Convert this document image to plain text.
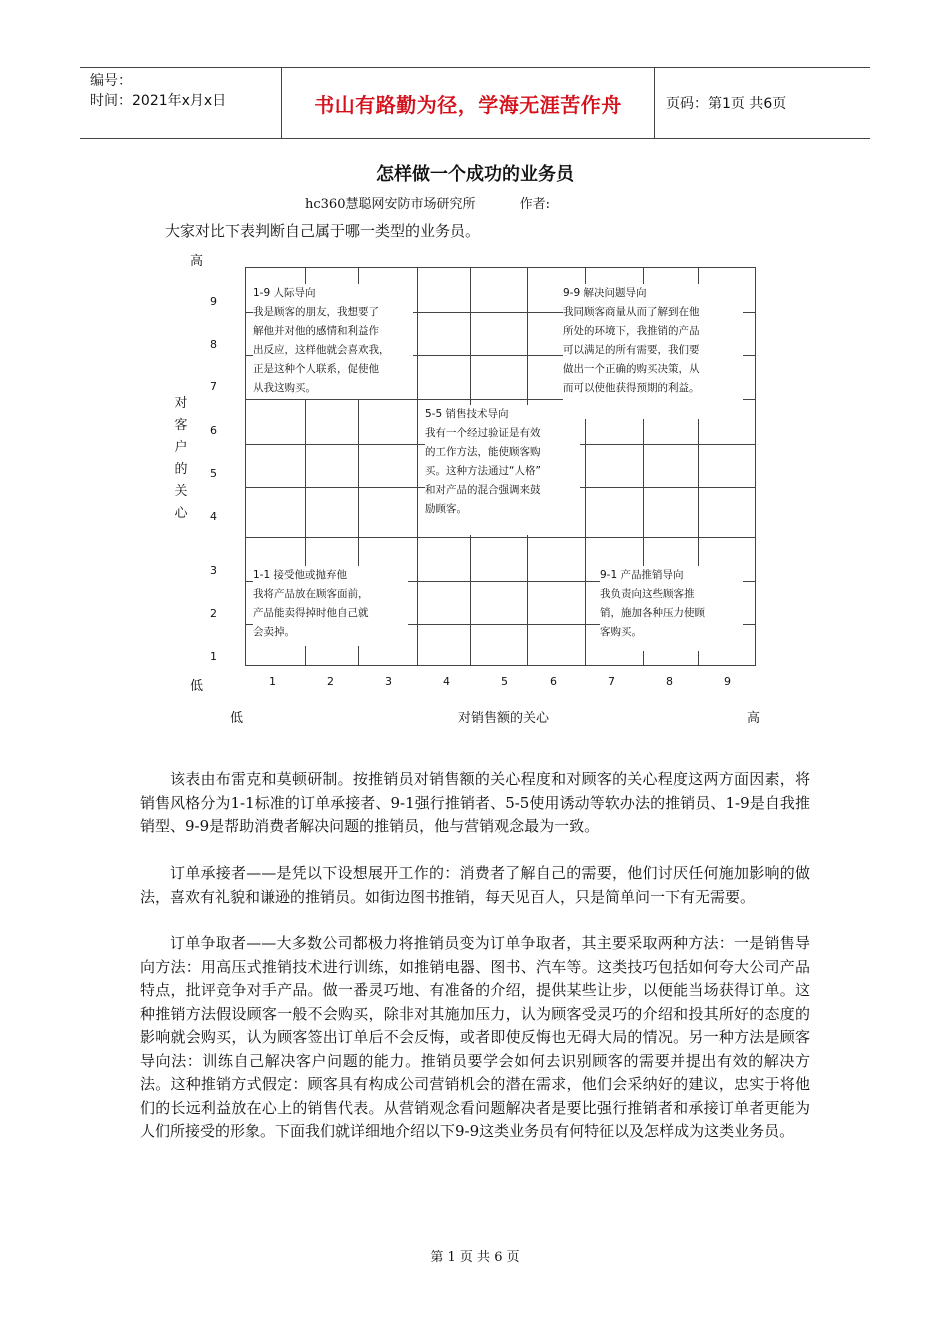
编号：
时间：2021年x月x日	书山有路勤为径，学海无涯苦作舟	页码：第1页 共6页
怎样做一个成功的业务员
hc360慧聪网安防市场研究所	作者:
大家对比下表判断自己属于哪一类型的业务员。
高
低
对
客
户
的
关
心
9
8
7
6
5
4
3
2
1
1-9 人际导向
我是顾客的朋友，我想要了
解他并对他的感情和利益作
出反应，这样他就会喜欢我，
正是这种个人联系，促使他
从我这购买。
9-9 解决问题导向
我同顾客商量从而了解到在他
所处的环境下，我推销的产品
可以满足的所有需要，我们要
做出一个正确的购买决策，从
而可以使他获得预期的利益。
5-5 销售技术导向
我有一个经过验证是有效
的工作方法，能使顾客购
买。这种方法通过“人格”
和对产品的混合强调来鼓
励顾客。
1-1 接受他或抛弃他
我将产品放在顾客面前，
产品能卖得掉时他自己就
会卖掉。
9-1 产品推销导向
我负责向这些顾客推
销，施加各种压力使顾
客购买。
1	2	3	4	5	6	7	8	9
低	对销售额的关心	高
该表由布雷克和莫顿研制。按推销员对销售额的关心程度和对顾客的关心程度这两方面因素，将销售风格分为1-1标准的订单承接者、9-1强行推销者、5-5使用诱动等软办法的推销员、1-9是自我推销型、9-9是帮助消费者解决问题的推销员，他与营销观念最为一致。
订单承接者——是凭以下设想展开工作的：消费者了解自己的需要，他们讨厌任何施加影响的做法，喜欢有礼貌和谦逊的推销员。如街边图书推销，每天见百人，只是简单问一下有无需要。
订单争取者——大多数公司都极力将推销员变为订单争取者，其主要采取两种方法：一是销售导向方法：用高压式推销技术进行训练，如推销电器、图书、汽车等。这类技巧包括如何夸大公司产品特点，批评竞争对手产品。做一番灵巧地、有准备的介绍，提供某些让步，以便能当场获得订单。这种推销方法假设顾客一般不会购买，除非对其施加压力，认为顾客受灵巧的介绍和投其所好的态度的影响就会购买，认为顾客签出订单后不会反悔，或者即使反悔也无碍大局的情况。另一种方法是顾客导向法：训练自己解决客户问题的能力。推销员要学会如何去识别顾客的需要并提出有效的解决方法。这种推销方式假定：顾客具有构成公司营销机会的潜在需求，他们会采纳好的建议，忠实于将他们的长远利益放在心上的销售代表。从营销观念看问题解决者是要比强行推销者和承接订单者更能为人们所接受的形象。下面我们就详细地介绍以下9-9这类业务员有何特征以及怎样成为这类业务员。
第 1 页 共 6 页
